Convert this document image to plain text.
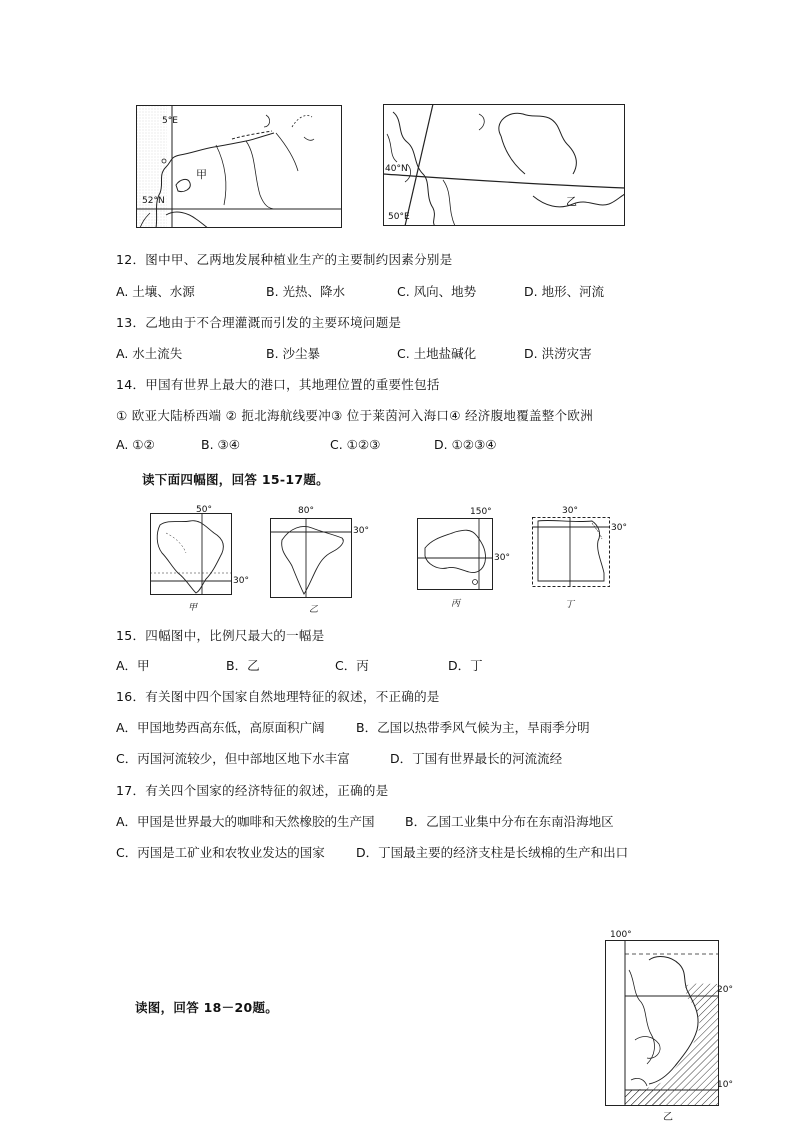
5°E
甲
52°N
40°N
乙
50°E
12．图中甲、乙两地发展种植业生产的主要制约因素分别是
A. 土壤、水源	B. 光热、降水	C. 风向、地势	D. 地形、河流
13．乙地由于不合理灌溉而引发的主要环境问题是
A. 水土流失	B. 沙尘暴	C. 土地盐碱化	D. 洪涝灾害
14．甲国有世界上最大的港口，其地理位置的重要性包括
① 欧亚大陆桥西端 ② 扼北海航线要冲③ 位于莱茵河入海口④ 经济腹地覆盖整个欧洲
A. ①②	B. ③④	C. ①②③	D. ①②③④
读下面四幅图，回答 15-17题。
50°
30°
甲
80°
30°
乙
150°
30°
丙
30°
30°
丁
15．四幅图中，比例尺最大的一幅是
A．甲	B．乙	C．丙	D．丁
16．有关图中四个国家自然地理特征的叙述，不正确的是
A．甲国地势西高东低，高原面积广阔	B．乙国以热带季风气候为主，旱雨季分明
C．丙国河流较少，但中部地区地下水丰富	D．丁国有世界最长的河流流经
17．有关四个国家的经济特征的叙述，正确的是
A．甲国是世界最大的咖啡和天然橡胶的生产国 B．乙国工业集中分布在东南沿海地区
C．丙国是工矿业和农牧业发达的国家	D．丁国最主要的经济支柱是长绒棉的生产和出口
读图，回答 18－20题。
100°
20°
10°
乙
